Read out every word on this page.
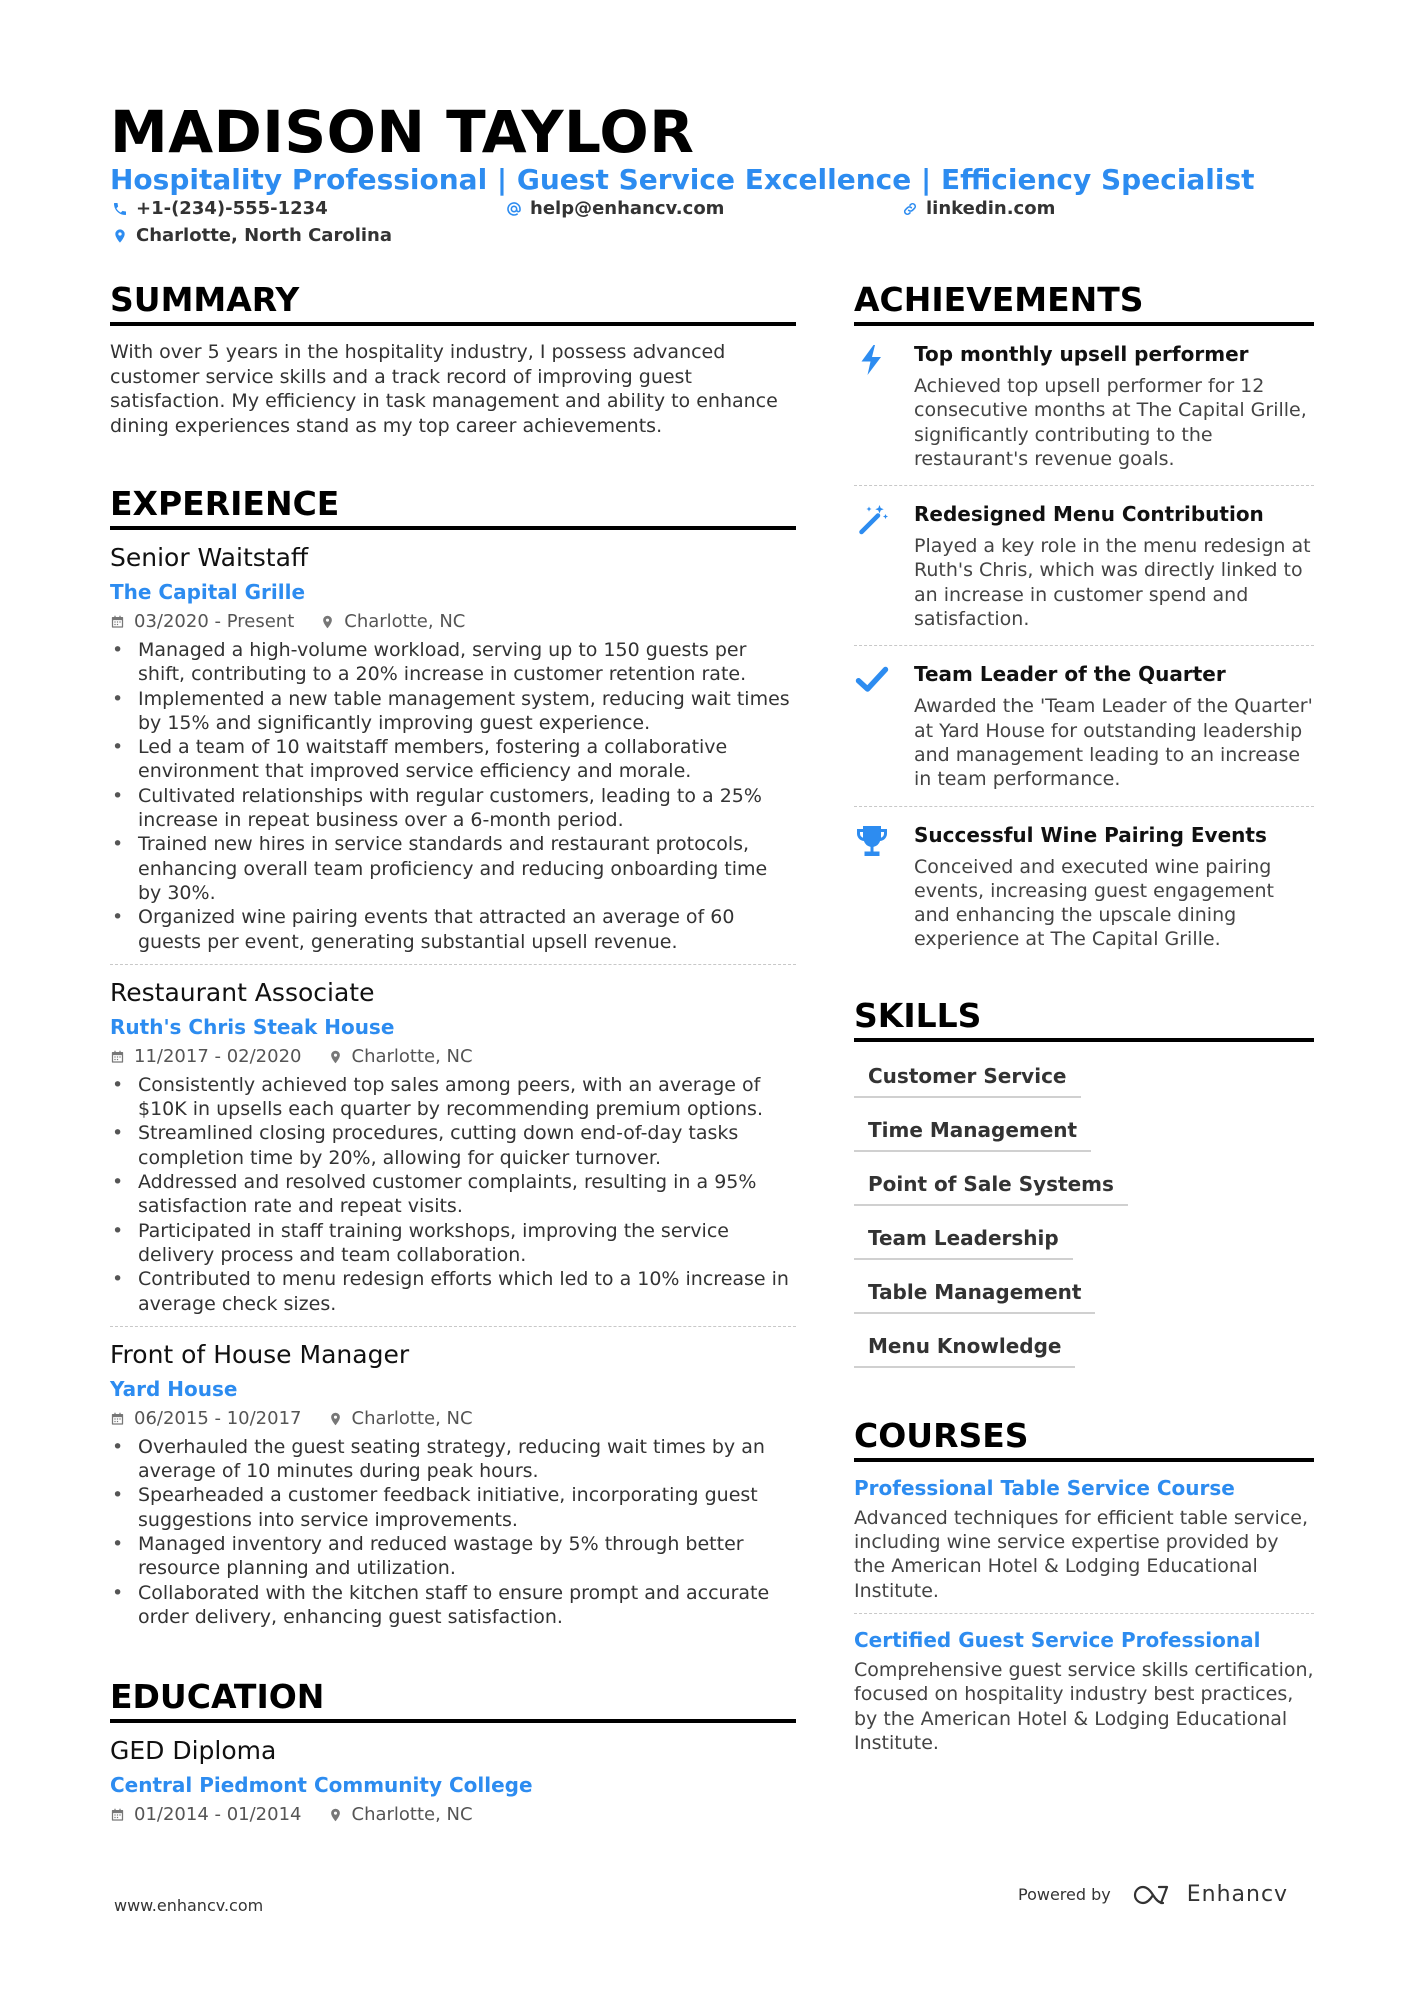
MADISON TAYLOR
Hospitality Professional | Guest Service Excellence | Efficiency Specialist
+1-(234)-555-1234	help@enhancv.com	linkedin.com
Charlotte, North Carolina
SUMMARY
With over 5 years in the hospitality industry, I possess advanced customer service skills and a track record of improving guest satisfaction. My efficiency in task management and ability to enhance dining experiences stand as my top career achievements.
EXPERIENCE
Senior Waitstaff
The Capital Grille
03/2020 - Present	Charlotte, NC
• Managed a high-volume workload, serving up to 150 guests per shift, contributing to a 20% increase in customer retention rate.
• Implemented a new table management system, reducing wait times by 15% and significantly improving guest experience.
• Led a team of 10 waitstaff members, fostering a collaborative environment that improved service efficiency and morale.
• Cultivated relationships with regular customers, leading to a 25% increase in repeat business over a 6-month period.
• Trained new hires in service standards and restaurant protocols, enhancing overall team proficiency and reducing onboarding time by 30%.
• Organized wine pairing events that attracted an average of 60 guests per event, generating substantial upsell revenue.
Restaurant Associate
Ruth's Chris Steak House
11/2017 - 02/2020	Charlotte, NC
• Consistently achieved top sales among peers, with an average of $10K in upsells each quarter by recommending premium options.
• Streamlined closing procedures, cutting down end-of-day tasks completion time by 20%, allowing for quicker turnover.
• Addressed and resolved customer complaints, resulting in a 95% satisfaction rate and repeat visits.
• Participated in staff training workshops, improving the service delivery process and team collaboration.
• Contributed to menu redesign efforts which led to a 10% increase in average check sizes.
Front of House Manager
Yard House
06/2015 - 10/2017	Charlotte, NC
• Overhauled the guest seating strategy, reducing wait times by an average of 10 minutes during peak hours.
• Spearheaded a customer feedback initiative, incorporating guest suggestions into service improvements.
• Managed inventory and reduced wastage by 5% through better resource planning and utilization.
• Collaborated with the kitchen staff to ensure prompt and accurate order delivery, enhancing guest satisfaction.
EDUCATION
GED Diploma
Central Piedmont Community College
01/2014 - 01/2014	Charlotte, NC
ACHIEVEMENTS
Top monthly upsell performer
Achieved top upsell performer for 12 consecutive months at The Capital Grille, significantly contributing to the restaurant's revenue goals.
Redesigned Menu Contribution
Played a key role in the menu redesign at Ruth's Chris, which was directly linked to an increase in customer spend and satisfaction.
Team Leader of the Quarter
Awarded the 'Team Leader of the Quarter' at Yard House for outstanding leadership and management leading to an increase in team performance.
Successful Wine Pairing Events
Conceived and executed wine pairing events, increasing guest engagement and enhancing the upscale dining experience at The Capital Grille.
SKILLS
Customer Service
Time Management
Point of Sale Systems
Team Leadership
Table Management
Menu Knowledge
COURSES
Professional Table Service Course
Advanced techniques for efficient table service, including wine service expertise provided by the American Hotel & Lodging Educational Institute.
Certified Guest Service Professional
Comprehensive guest service skills certification, focused on hospitality industry best practices, by the American Hotel & Lodging Educational Institute.
www.enhancv.com
Powered by	Enhancv
